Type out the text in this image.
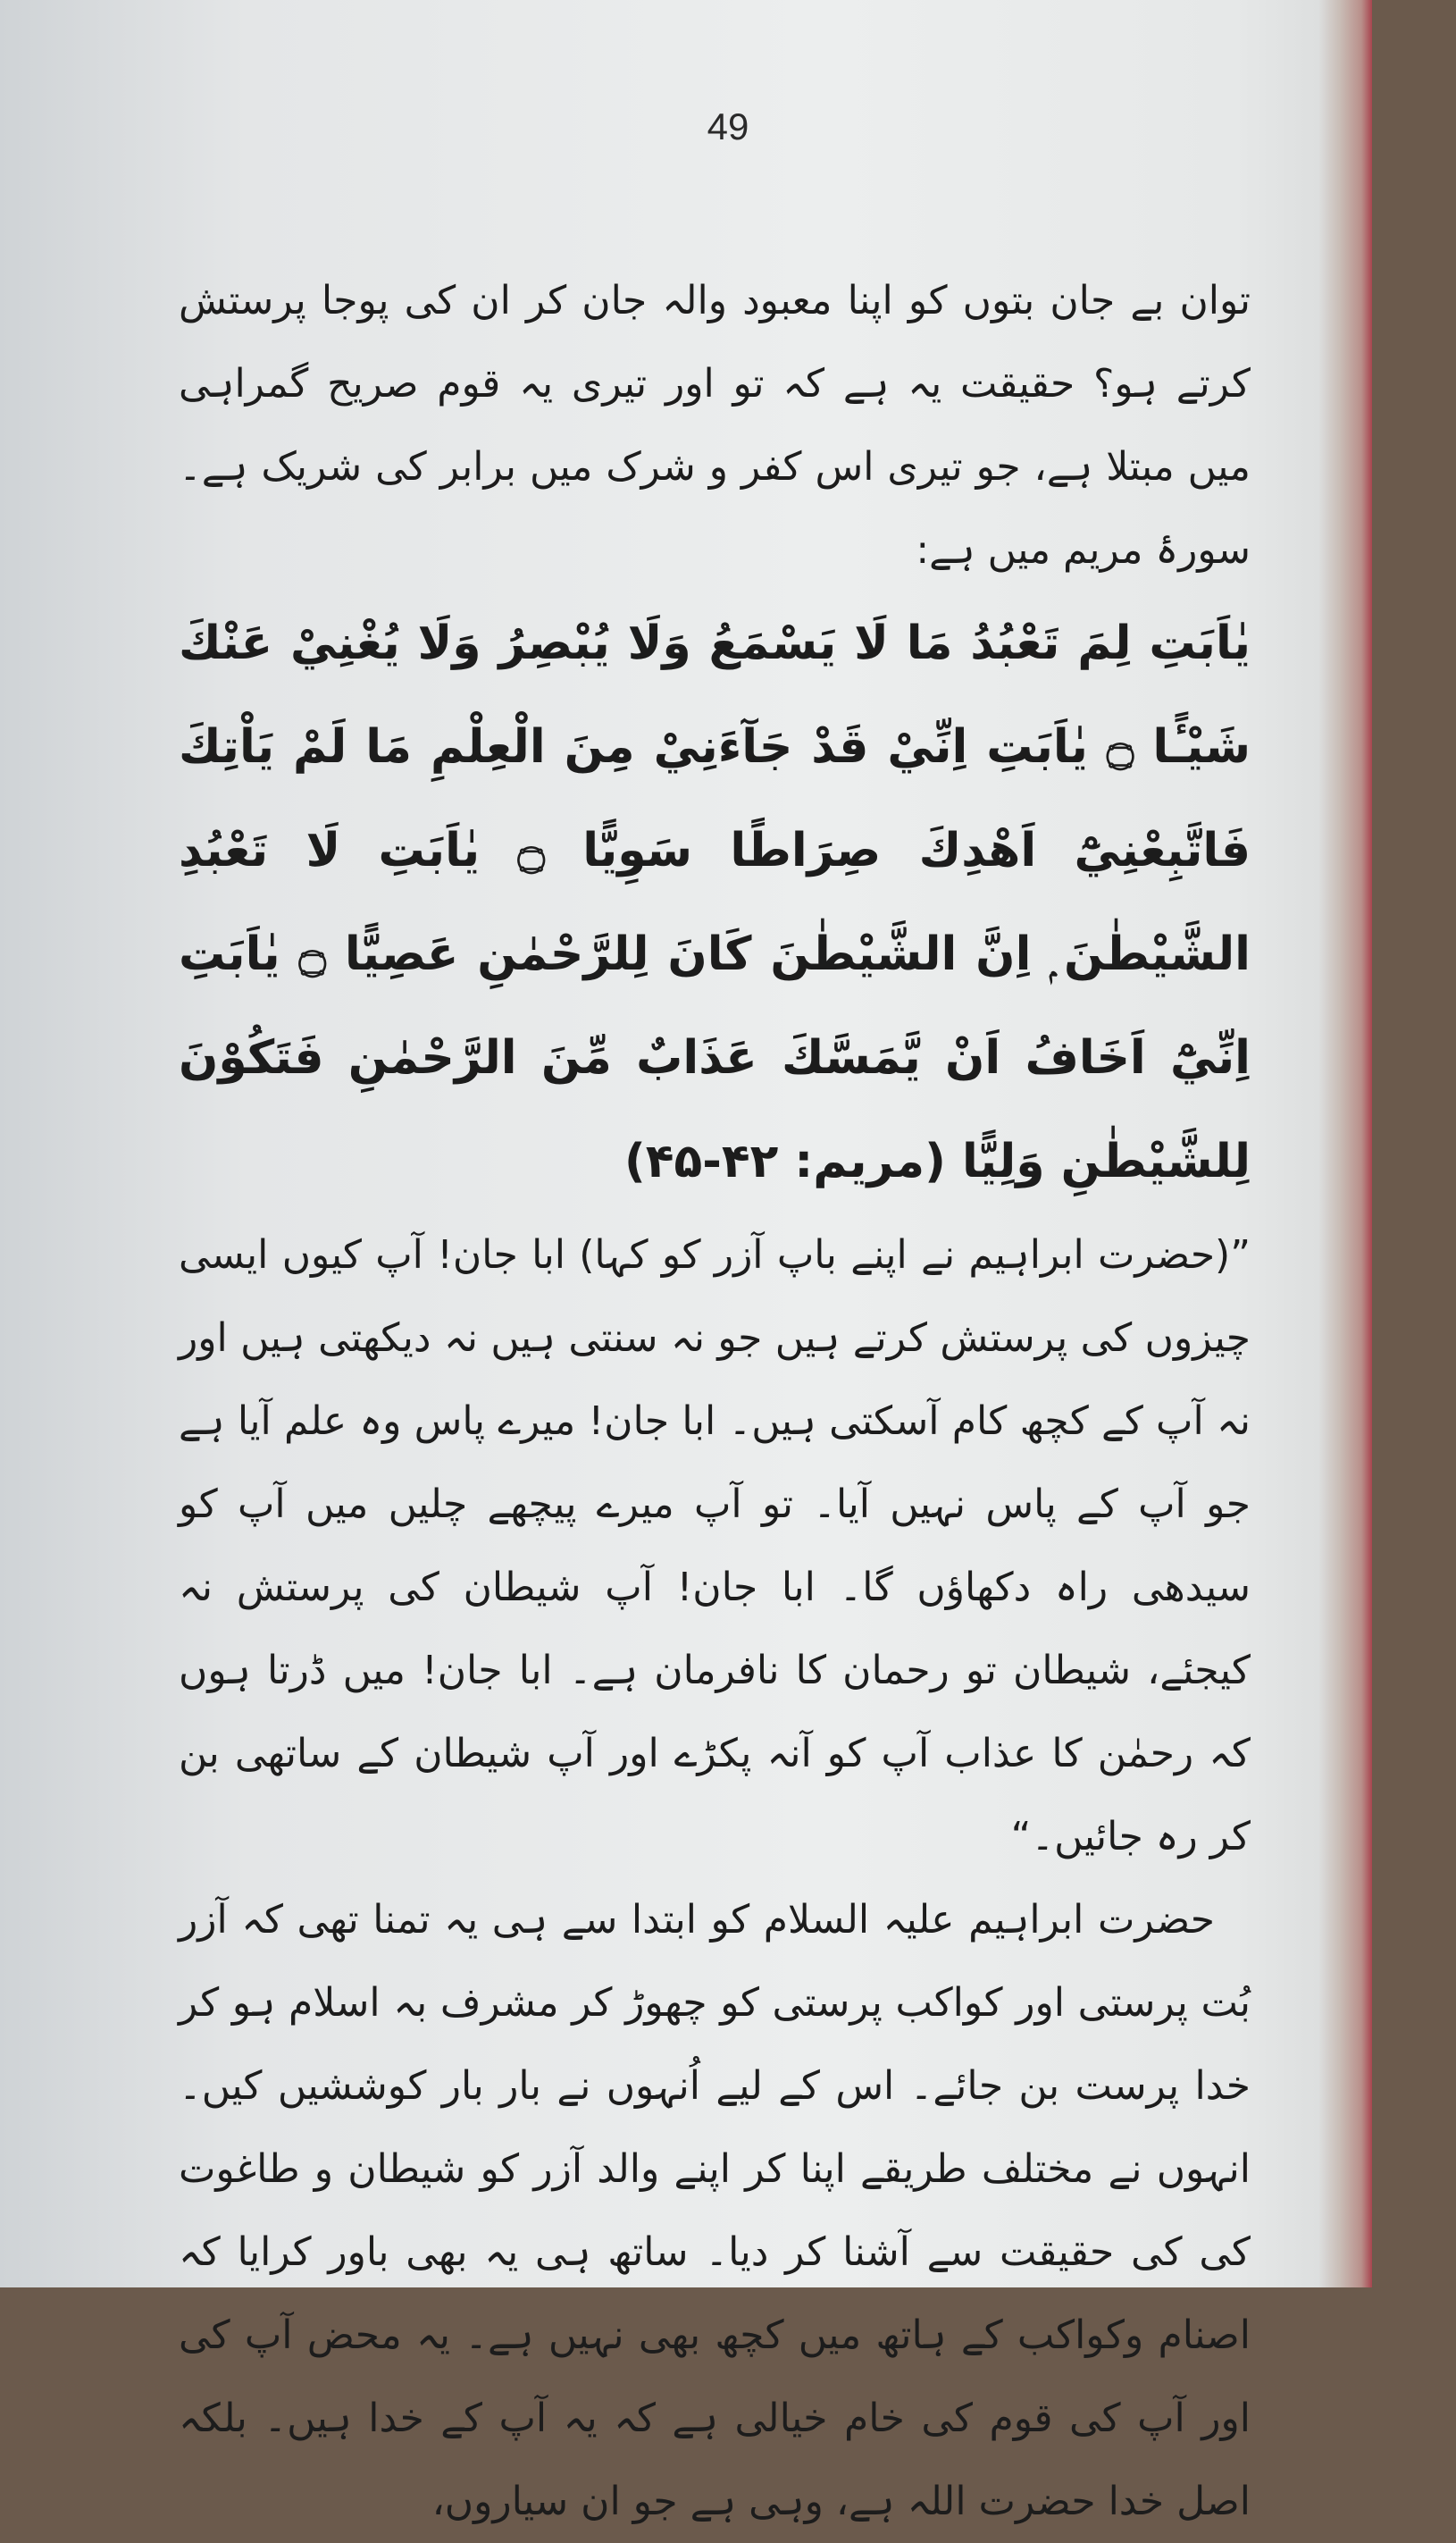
49

توان بے جان بتوں کو اپنا معبود والہ جان کر ان کی پوجا پرستش کرتے ہو؟ حقیقت یہ ہے کہ تو اور تیری یہ قوم صریح گمراہی میں مبتلا ہے، جو تیری اس کفر و شرک میں برابر کی شریک ہے۔ سورۂ مریم میں ہے:

يٰاَبَتِ لِمَ تَعْبُدُ مَا لَا يَسْمَعُ وَلَا يُبْصِرُ وَلَا يُغْنِيْ عَنْكَ شَيْـًٔا ۝ يٰاَبَتِ اِنِّيْ قَدْ جَآءَنِيْ مِنَ الْعِلْمِ مَا لَمْ يَاْتِكَ فَاتَّبِعْنِيْٓ اَهْدِكَ صِرَاطًا سَوِيًّا ۝ يٰاَبَتِ لَا تَعْبُدِ الشَّيْطٰنَ ۭ اِنَّ الشَّيْطٰنَ كَانَ لِلرَّحْمٰنِ عَصِيًّا ۝ يٰاَبَتِ اِنِّيْٓ اَخَافُ اَنْ يَّمَسَّكَ عَذَابٌ مِّنَ الرَّحْمٰنِ فَتَكُوْنَ لِلشَّيْطٰنِ وَلِيًّا (مریم: ۴۲-۴۵)

”(حضرت ابراہیم نے اپنے باپ آزر کو کہا) ابا جان! آپ کیوں ایسی چیزوں کی پرستش کرتے ہیں جو نہ سنتی ہیں نہ دیکھتی ہیں اور نہ آپ کے کچھ کام آسکتی ہیں۔ ابا جان! میرے پاس وہ علم آیا ہے جو آپ کے پاس نہیں آیا۔ تو آپ میرے پیچھے چلیں میں آپ کو سیدھی راہ دکھاؤں گا۔ ابا جان! آپ شیطان کی پرستش نہ کیجئے، شیطان تو رحمان کا نافرمان ہے۔ ابا جان! میں ڈرتا ہوں کہ رحمٰن کا عذاب آپ کو آنہ پکڑے اور آپ شیطان کے ساتھی بن کر رہ جائیں۔“

حضرت ابراہیم علیہ السلام کو ابتدا سے ہی یہ تمنا تھی کہ آزر بُت پرستی اور کواکب پرستی کو چھوڑ کر مشرف بہ اسلام ہو کر خدا پرست بن جائے۔ اس کے لیے اُنہوں نے بار بار کوششیں کیں۔ انہوں نے مختلف طریقے اپنا کر اپنے والد آزر کو شیطان و طاغوت کی کی حقیقت سے آشنا کر دیا۔ ساتھ ہی یہ بھی باور کرایا کہ اصنام وکواکب کے ہاتھ میں کچھ بھی نہیں ہے۔ یہ محض آپ کی اور آپ کی قوم کی خام خیالی ہے کہ یہ آپ کے خدا ہیں۔ بلکہ اصل خدا حضرت اللہ ہے، وہی ہے جو ان سیاروں،
